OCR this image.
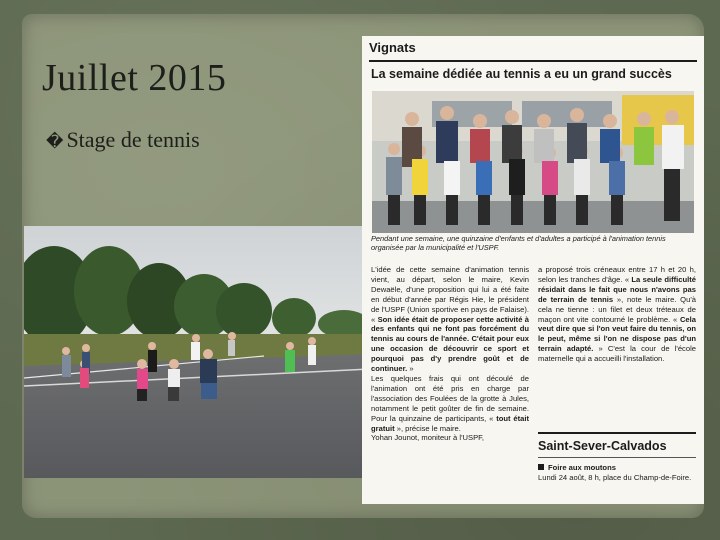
Juillet 2015
� Stage de tennis
Vignats
La semaine dédiée au tennis a eu un grand succès
Pendant une semaine, une quinzaine d'enfants et d'adultes a participé à l'animation tennis organisée par la municipalité et l'USPF.
L'idée de cette semaine d'animation tennis vient, au départ, selon le maire, Kevin Dewaële, d'une proposition qui lui a été faite en début d'année par Régis Hie, le président de l'USPF (Union sportive en pays de Falaise). « Son idée était de proposer cette activité à des enfants qui ne font pas forcément du tennis au cours de l'année. C'était pour eux une occasion de découvrir ce sport et pourquoi pas d'y prendre goût et de continuer. »
Les quelques frais qui ont découlé de l'animation ont été pris en charge par l'association des Foulées de la grotte à Jules, notamment le petit goûter de fin de semaine. Pour la quinzaine de participants, « tout était gratuit », précise le maire.
Yohan Jounot, moniteur à l'USPF,
a proposé trois créneaux entre 17 h et 20 h, selon les tranches d'âge. « La seule difficulté résidait dans le fait que nous n'avons pas de terrain de tennis », note le maire. Qu'à cela ne tienne : un filet et deux tréteaux de maçon ont vite contourné le problème. « Cela veut dire que si l'on veut faire du tennis, on le peut, même si l'on ne dispose pas d'un terrain adapté. » C'est la cour de l'école maternelle qui a accueilli l'installation.
Saint-Sever-Calvados
Foire aux moutons
Lundi 24 août, 8 h, place du Champ-de-Foire.
